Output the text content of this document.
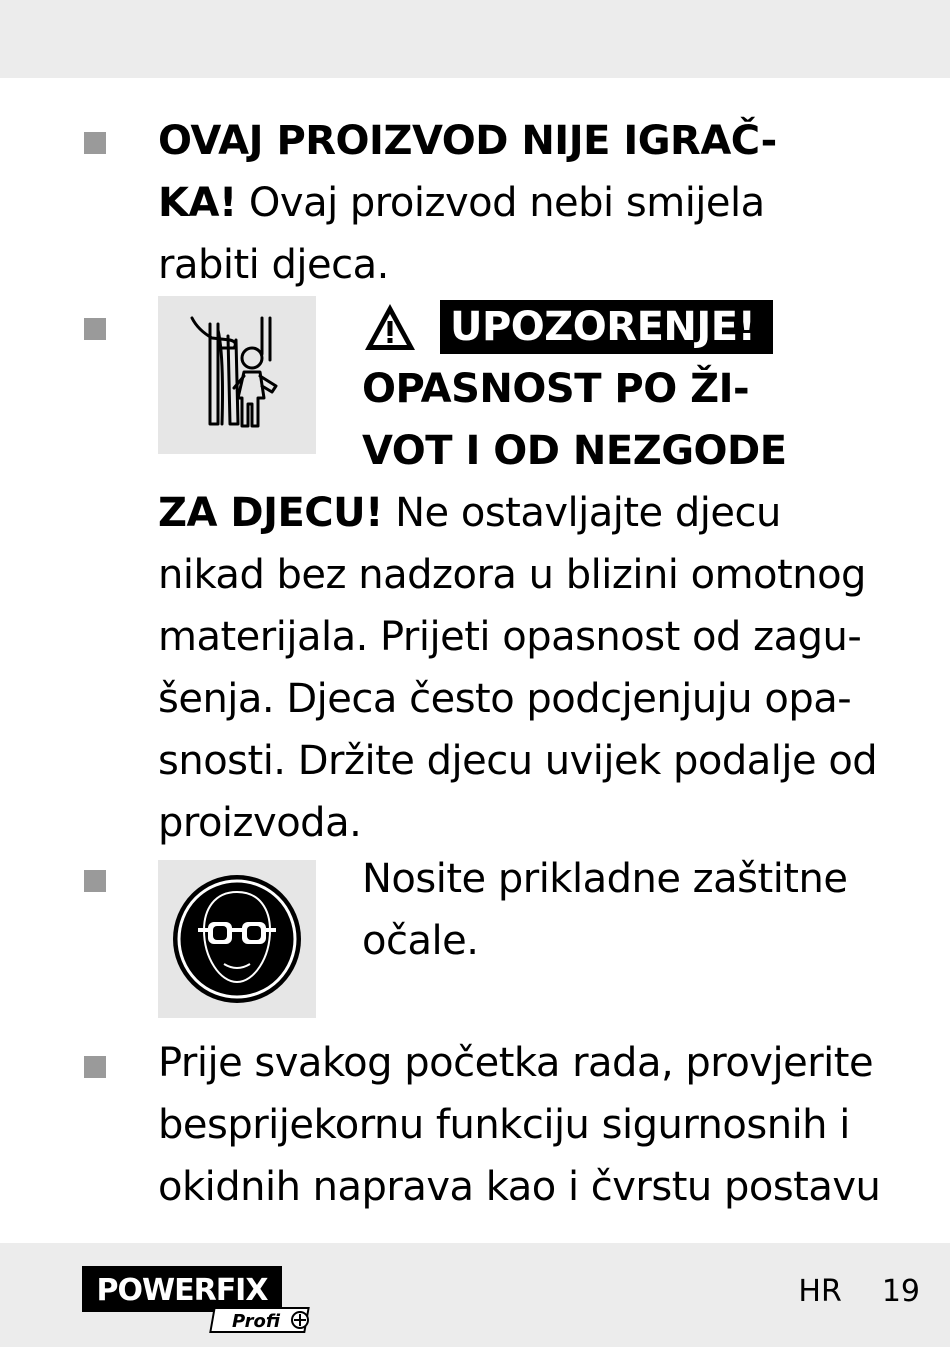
OVAJ PROIZVOD NIJE IGRAČ-
KA! Ovaj proizvod nebi smijela
rabiti djeca.
UPOZORENJE!
OPASNOST PO ŽI-
VOT I OD NEZGODE
ZA DJECU! Ne ostavljajte djecu
nikad bez nadzora u blizini omotnog
materijala. Prijeti opasnost od zagu-
šenja. Djeca često podcjenjuju opa-
snosti. Držite djecu uvijek podalje od
proizvoda.
Nosite prikladne zaštitne
očale.
Prije svakog početka rada, provjerite
besprijekornu funkciju sigurnosnih i
okidnih naprava kao i čvrstu postavu
POWERFIX
Profi
HR 19
